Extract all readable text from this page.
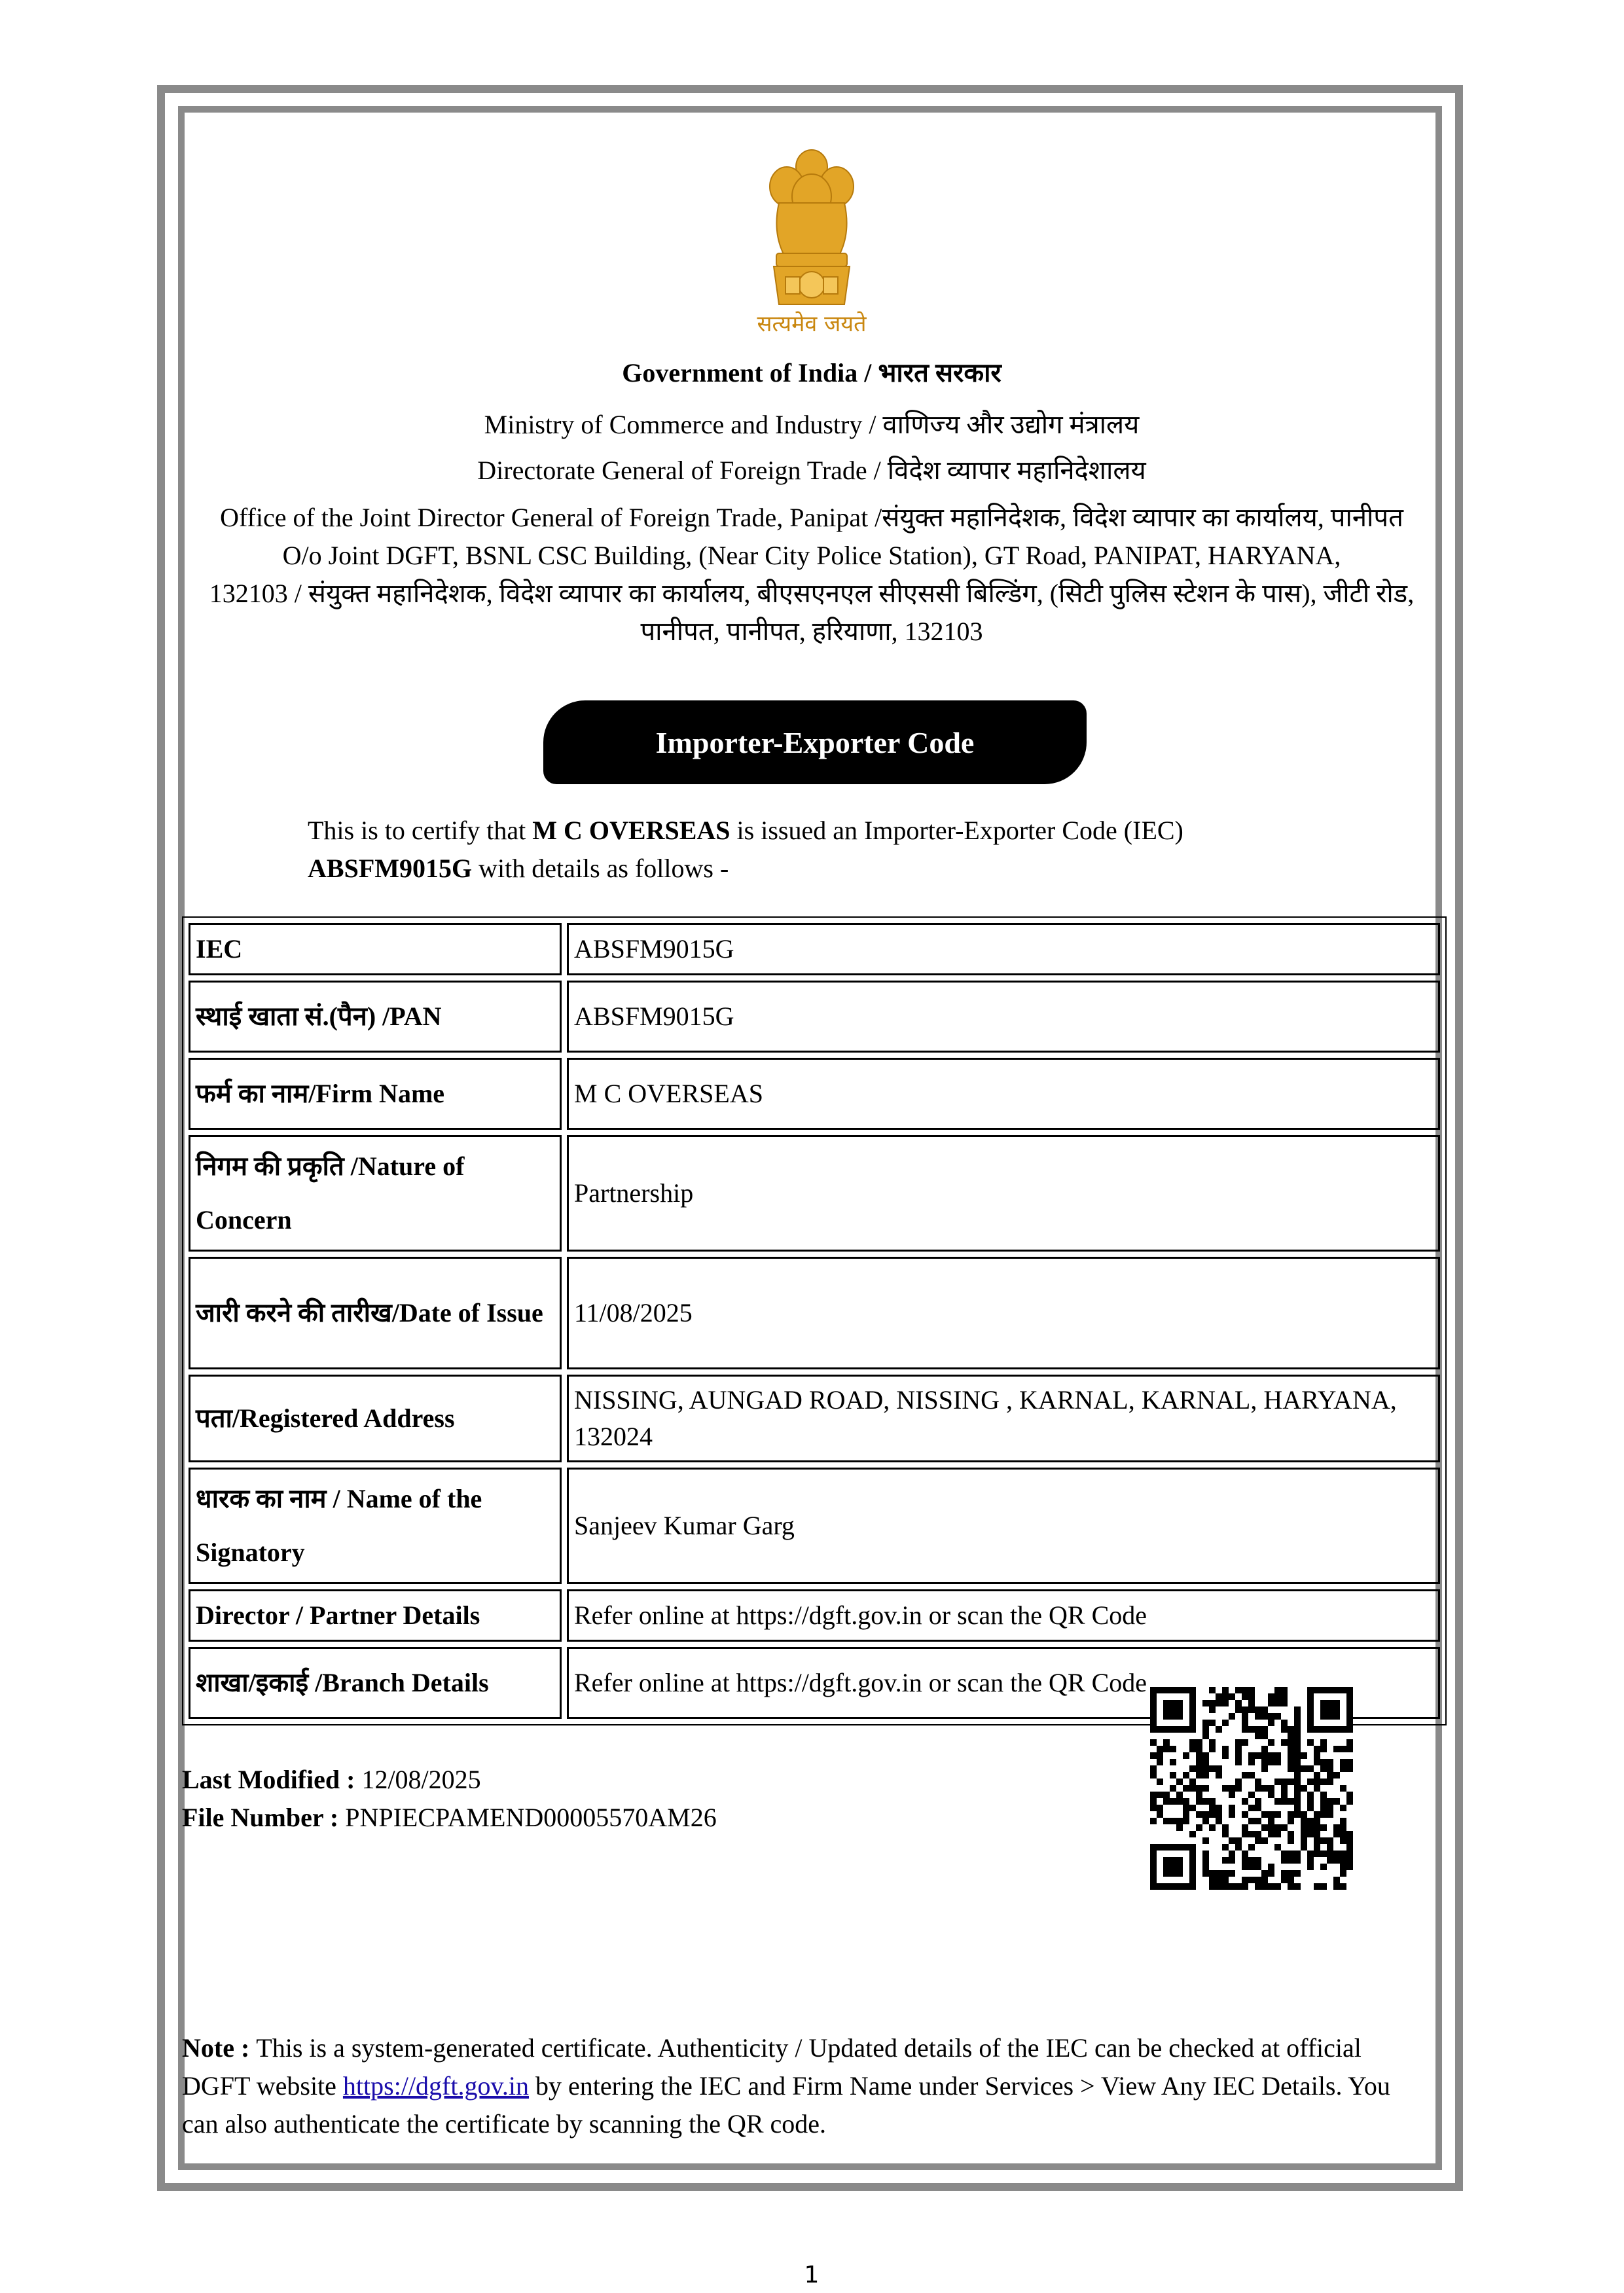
सत्यमेव जयते
Government of India / भारत सरकार
Ministry of Commerce and Industry / वाणिज्य और उद्योग मंत्रालय
Directorate General of Foreign Trade / विदेश व्यापार महानिदेशालय
Office of the Joint Director General of Foreign Trade, Panipat /संयुक्त महानिदेशक, विदेश व्यापार का कार्यालय, पानीपत
O/o Joint DGFT, BSNL CSC Building, (Near City Police Station), GT Road, PANIPAT, HARYANA,
132103 / संयुक्त महानिदेशक, विदेश व्यापार का कार्यालय, बीएसएनएल सीएससी बिल्डिंग, (सिटी पुलिस स्टेशन के पास), जीटी रोड,
पानीपत, पानीपत, हरियाणा, 132103
Importer-Exporter Code
This is to certify that M C OVERSEAS is issued an Importer-Exporter Code (IEC)
ABSFM9015G with details as follows -
IEC	ABSFM9015G
स्थाई खाता सं.(पैन) /PAN	ABSFM9015G
फर्म का नाम/Firm Name	M C OVERSEAS
निगम की प्रकृति /Nature of Concern	Partnership
जारी करने की तारीख/Date of Issue	11/08/2025
पता/Registered Address	NISSING, AUNGAD ROAD, NISSING , KARNAL, KARNAL, HARYANA, 132024
धारक का नाम / Name of the Signatory	Sanjeev Kumar Garg
Director / Partner Details	Refer online at https://dgft.gov.in or scan the QR Code
शाखा/इकाई /Branch Details	Refer online at https://dgft.gov.in or scan the QR Code
Last Modified : 12/08/2025
File Number : PNPIECPAMEND00005570AM26
Note : This is a system-generated certificate. Authenticity / Updated details of the IEC can be checked at official DGFT website https://dgft.gov.in by entering the IEC and Firm Name under Services > View Any IEC Details. You can also authenticate the certificate by scanning the QR code.
1
